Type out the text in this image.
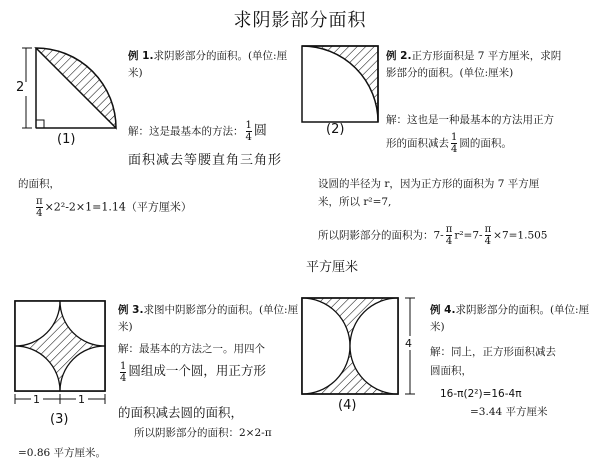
求阴影部分面积
2
(1)
例 1.求阴影部分的面积。(单位:厘米)
解：这是最基本的方法： $\frac{1}{4}$ 圆
面积减去等腰直角三角形
的面积，
$\frac{\pi}{4} \times 2^2-2\times 1=1.14$（平方厘米）
(2)
例 2.正方形面积是 7 平方厘米，求阴
影部分的面积。(单位:厘米)
解：这也是一种最基本的方法用正方
形的面积减去 $\frac{1}{4}$ 圆的面积。
设圆的半径为 r，因为正方形的面积为 7 平方厘
米，所以 r²=7,
所以阴影部分的面积为：$7- \frac{\pi}{4} r^2=7- \frac{\pi}{4} \times 7=1.505$
平方厘米
1	1
(3)
例 3.求图中阴影部分的面积。(单位:厘米)
解：最基本的方法之一。用四个
$\frac{1}{4}$ 圆组成一个圆，用正方形
的面积减去圆的面积，
所以阴影部分的面积：2×2-π
=0.86 平方厘米。
4
(4)
例 4.求阴影部分的面积。(单位:厘米)
解：同上，正方形面积减去
圆面积，
16-π(2²)=16-4π
=3.44 平方厘米
